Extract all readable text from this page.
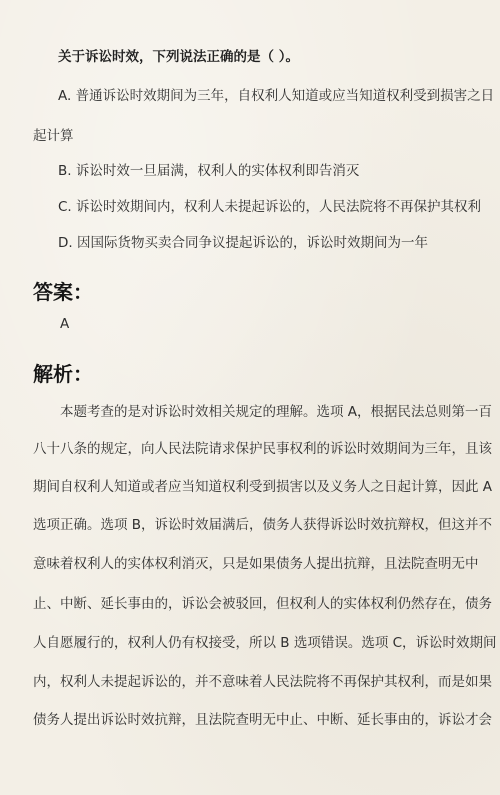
关于诉讼时效，下列说法正确的是（ ）。
A. 普通诉讼时效期间为三年，自权利人知道或应当知道权利受到损害之日
起计算
B. 诉讼时效一旦届满，权利人的实体权利即告消灭
C. 诉讼时效期间内，权利人未提起诉讼的，人民法院将不再保护其权利
D. 因国际货物买卖合同争议提起诉讼的，诉讼时效期间为一年
答案：
A
解析：
本题考查的是对诉讼时效相关规定的理解。选项 A，根据民法总则第一百
八十八条的规定，向人民法院请求保护民事权利的诉讼时效期间为三年，且该
期间自权利人知道或者应当知道权利受到损害以及义务人之日起计算，因此 A
选项正确。选项 B，诉讼时效届满后，债务人获得诉讼时效抗辩权，但这并不
意味着权利人的实体权利消灭，只是如果债务人提出抗辩，且法院查明无中
止、中断、延长事由的，诉讼会被驳回，但权利人的实体权利仍然存在，债务
人自愿履行的，权利人仍有权接受，所以 B 选项错误。选项 C，诉讼时效期间
内，权利人未提起诉讼的，并不意味着人民法院将不再保护其权利，而是如果
债务人提出诉讼时效抗辩，且法院查明无中止、中断、延长事由的，诉讼才会
